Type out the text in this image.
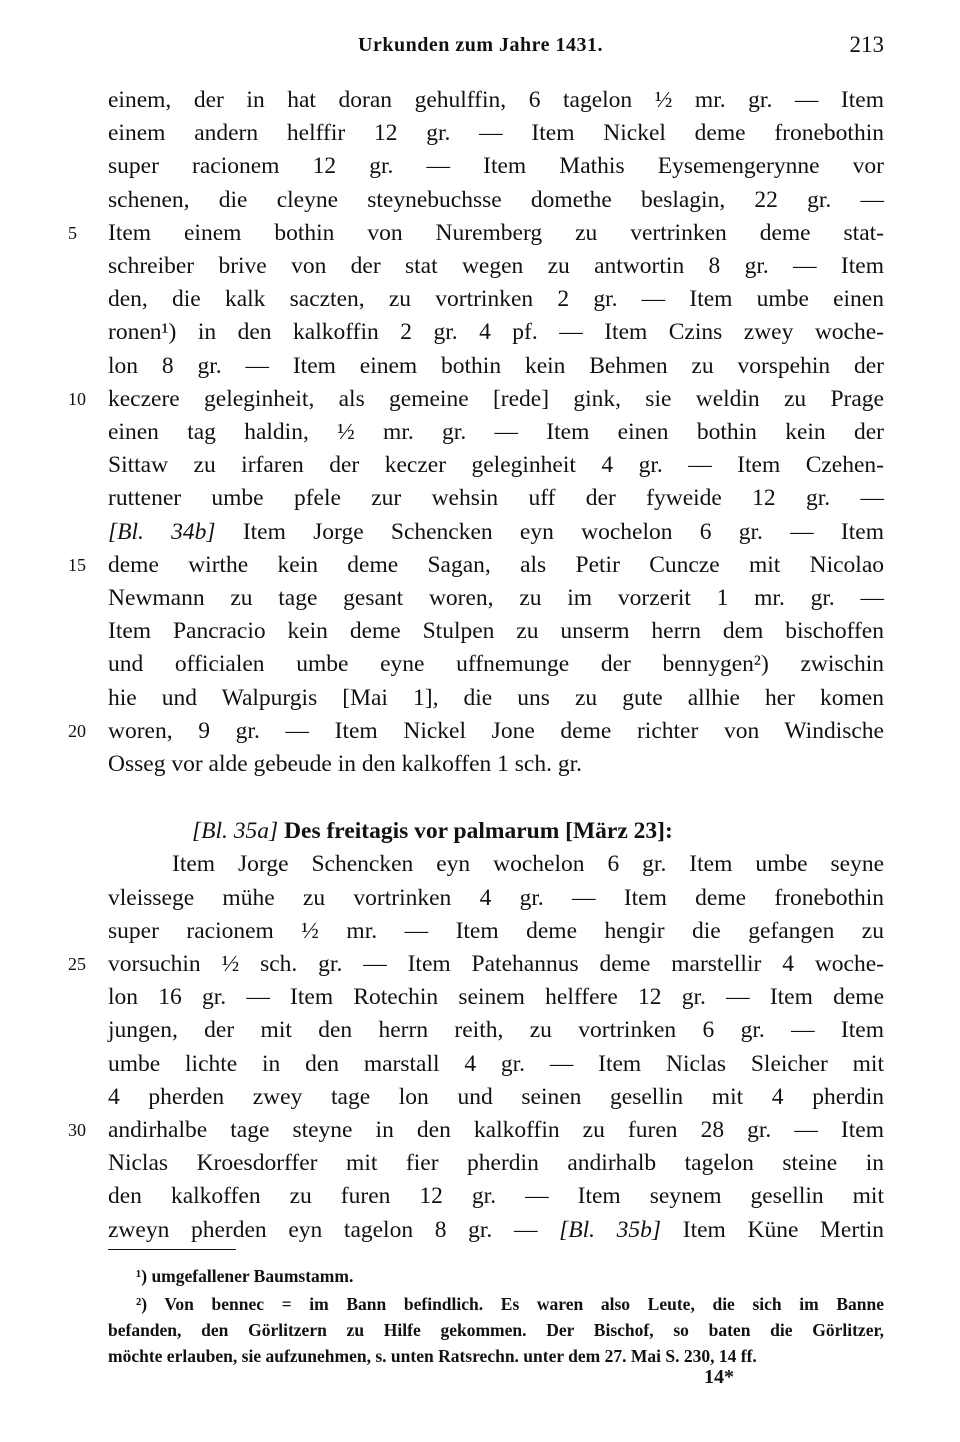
Urkunden zum Jahre 1431.	213
einem, der in hat doran gehulffin, 6 tagelon ½ mr. gr. — Item
einem andern helffir 12 gr. — Item Nickel deme fronebothin
super racionem 12 gr. — Item Mathis Eysemengerynne vor
schenen, die cleyne steynebuchsse domethe beslagin, 22 gr. —
Item einem bothin von Nuremberg zu vertrinken deme stat-
5
schreiber brive von der stat wegen zu antwortin 8 gr. — Item
den, die kalk saczten, zu vortrinken 2 gr. — Item umbe einen
ronen¹) in den kalkoffin 2 gr. 4 pf. — Item Czins zwey woche-
lon 8 gr. — Item einem bothin kein Behmen zu vorspehin der
keczere geleginheit, als gemeine [rede] gink, sie weldin zu Prage
10
einen tag haldin, ½ mr. gr. — Item einen bothin kein der
Sittaw zu irfaren der keczer geleginheit 4 gr. — Item Czehen-
ruttener umbe pfele zur wehsin uff der fyweide 12 gr. —
[Bl. 34b] Item Jorge Schencken eyn wochelon 6 gr. — Item
deme wirthe kein deme Sagan, als Petir Cuncze mit Nicolao
15
Newmann zu tage gesant woren, zu im vorzerit 1 mr. gr. —
Item Pancracio kein deme Stulpen zu unserm herrn dem bischoffen
und officialen umbe eyne uffnemunge der bennygen²) zwischin
hie und Walpurgis [Mai 1], die uns zu gute allhie her komen
woren, 9 gr. — Item Nickel Jone deme richter von Windische
20
Osseg vor alde gebeude in den kalkoffen 1 sch. gr.
[Bl. 35a] Des freitagis vor palmarum [März 23]:
Item Jorge Schencken eyn wochelon 6 gr. Item umbe seyne
vleissege mühe zu vortrinken 4 gr. — Item deme fronebothin
super racionem ½ mr. — Item deme hengir die gefangen zu
vorsuchin ½ sch. gr. — Item Patehannus deme marstellir 4 woche-
25
lon 16 gr. — Item Rotechin seinem helffere 12 gr. — Item deme
jungen, der mit den herrn reith, zu vortrinken 6 gr. — Item
umbe lichte in den marstall 4 gr. — Item Niclas Sleicher mit
4 pherden zwey tage lon und seinen gesellin mit 4 pherdin
andirhalbe tage steyne in den kalkoffin zu furen 28 gr. — Item
30
Niclas Kroesdorffer mit fier pherdin andirhalb tagelon steine in
den kalkoffen zu furen 12 gr. — Item seynem gesellin mit
zweyn pherden eyn tagelon 8 gr. — [Bl. 35b] Item Küne Mertin
¹) umgefallener Baumstamm.
²) Von bennec = im Bann befindlich. Es waren also Leute, die sich im Banne
befanden, den Görlitzern zu Hilfe gekommen. Der Bischof, so baten die Görlitzer,
möchte erlauben, sie aufzunehmen, s. unten Ratsrechn. unter dem 27. Mai S. 230, 14 ff.
14*
